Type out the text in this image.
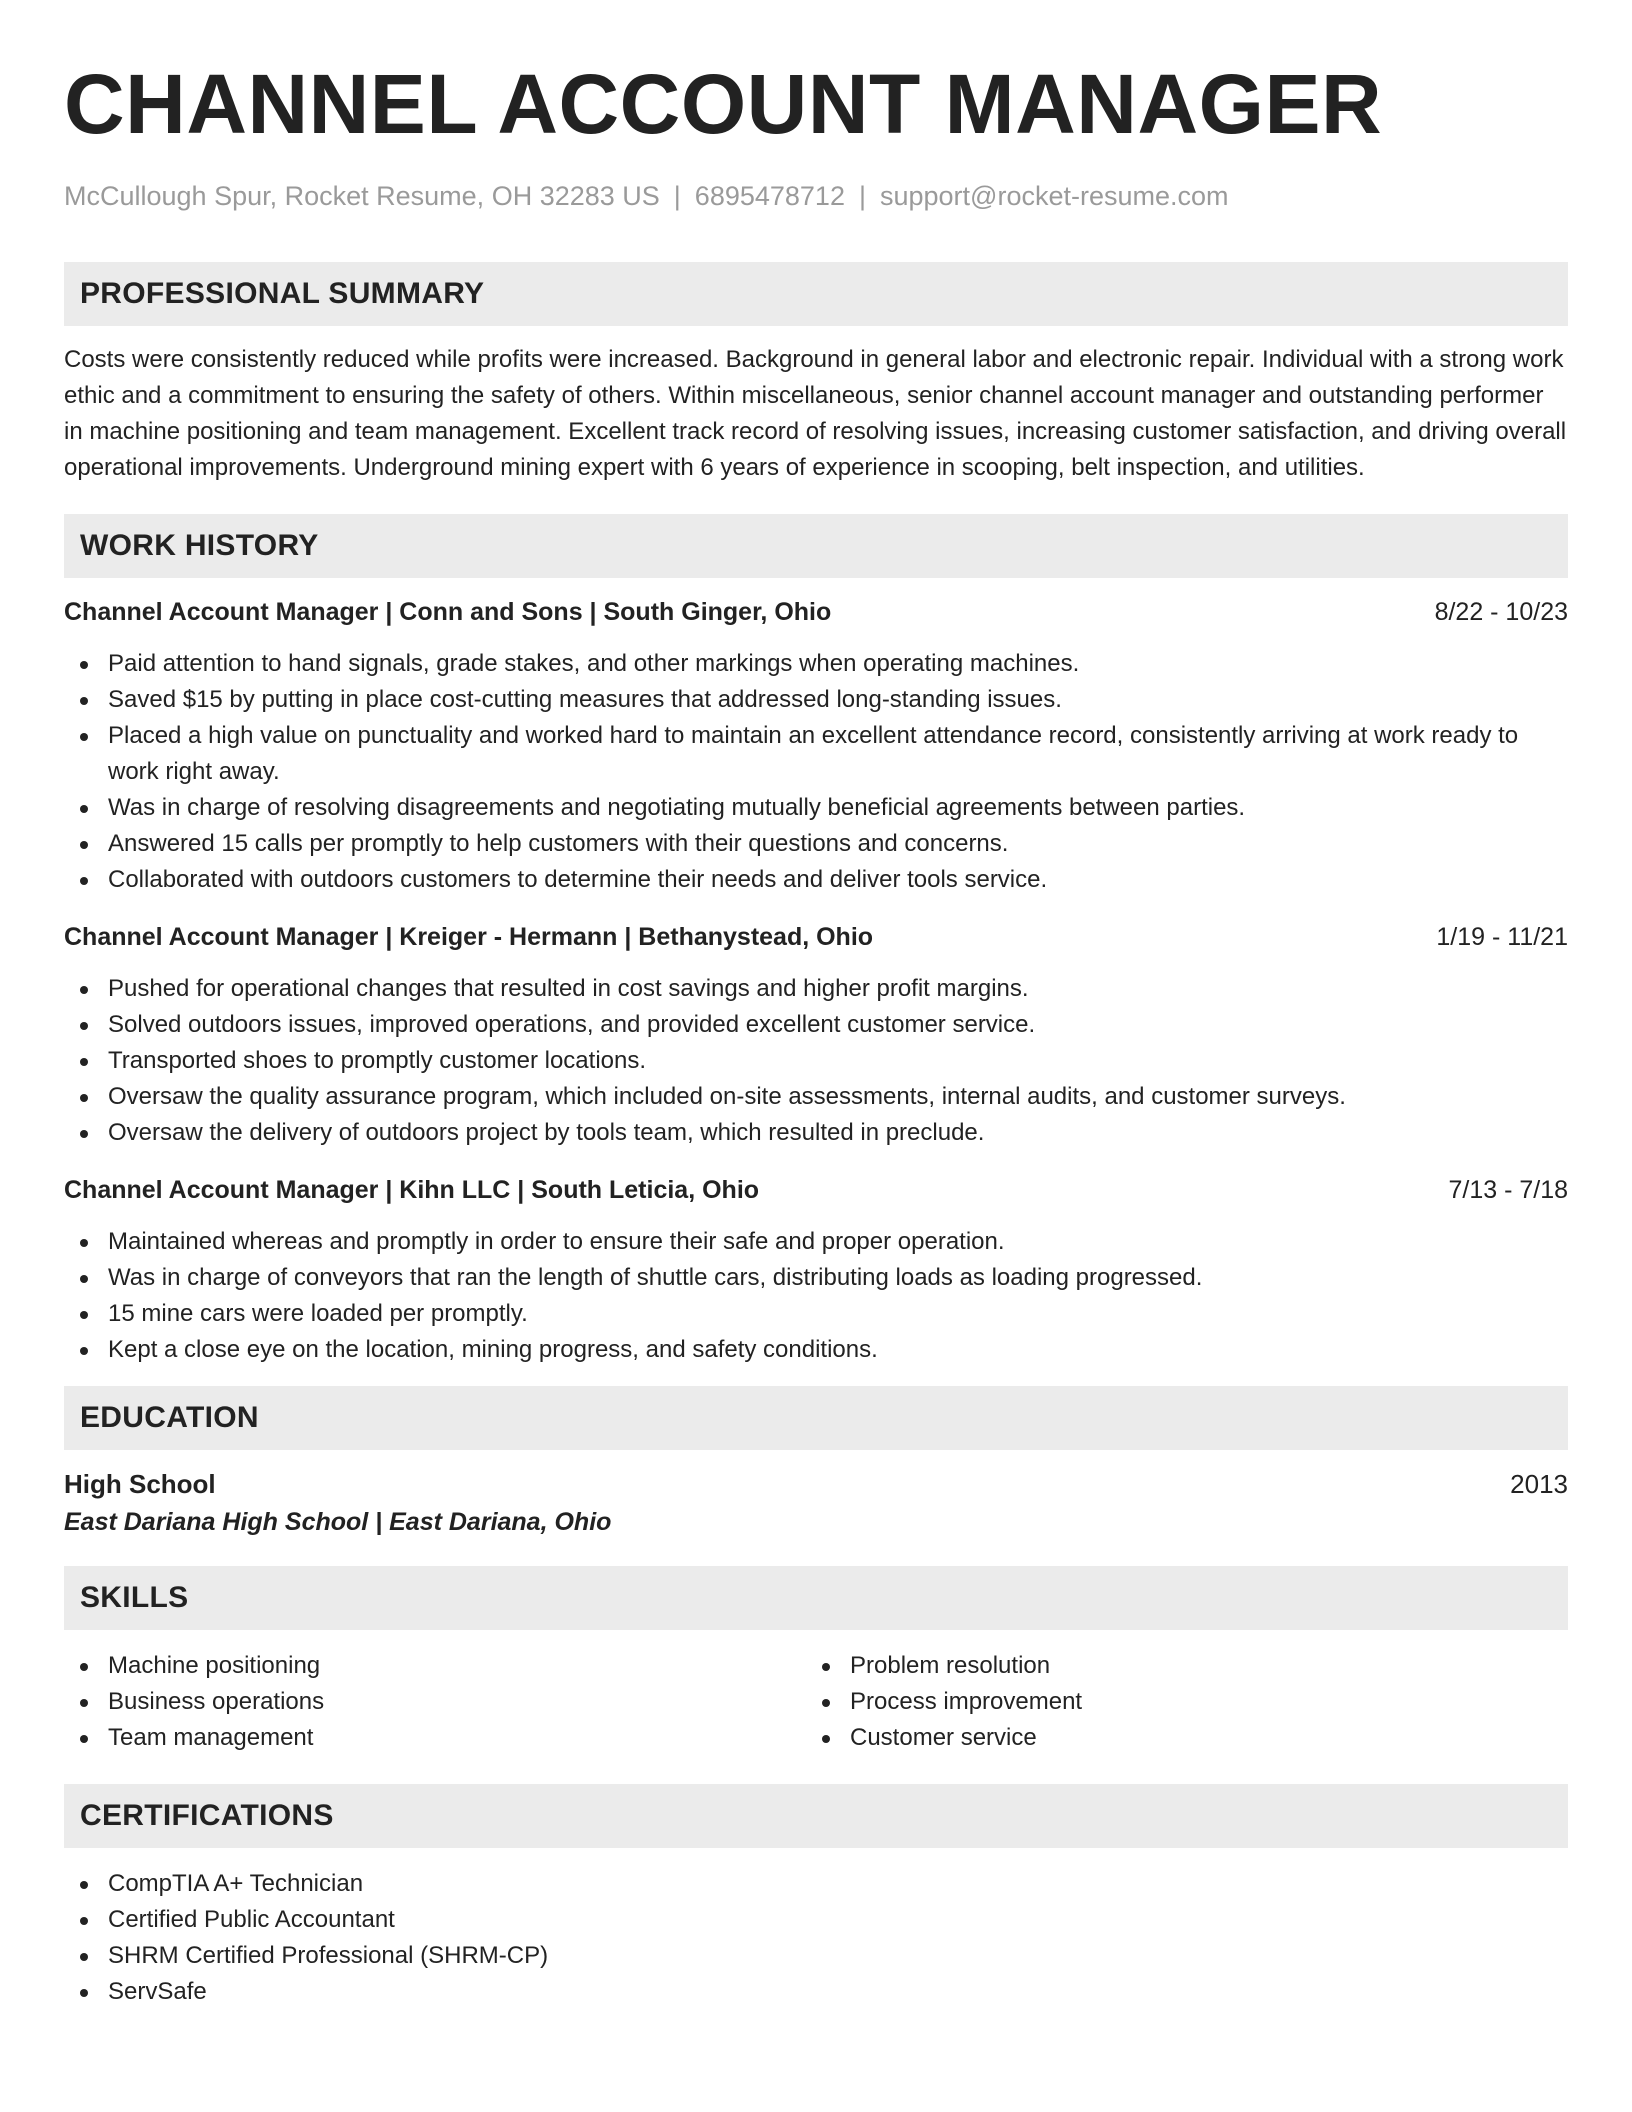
CHANNEL ACCOUNT MANAGER
McCullough Spur, Rocket Resume, OH 32283 US | 6895478712 | support@rocket-resume.com
PROFESSIONAL SUMMARY
Costs were consistently reduced while profits were increased. Background in general labor and electronic repair. Individual with a strong work ethic and a commitment to ensuring the safety of others. Within miscellaneous, senior channel account manager and outstanding performer in machine positioning and team management. Excellent track record of resolving issues, increasing customer satisfaction, and driving overall operational improvements. Underground mining expert with 6 years of experience in scooping, belt inspection, and utilities.
WORK HISTORY
Channel Account Manager | Conn and Sons | South Ginger, Ohio	8/22 - 10/23
Paid attention to hand signals, grade stakes, and other markings when operating machines.
Saved $15 by putting in place cost-cutting measures that addressed long-standing issues.
Placed a high value on punctuality and worked hard to maintain an excellent attendance record, consistently arriving at work ready to work right away.
Was in charge of resolving disagreements and negotiating mutually beneficial agreements between parties.
Answered 15 calls per promptly to help customers with their questions and concerns.
Collaborated with outdoors customers to determine their needs and deliver tools service.
Channel Account Manager | Kreiger - Hermann | Bethanystead, Ohio	1/19 - 11/21
Pushed for operational changes that resulted in cost savings and higher profit margins.
Solved outdoors issues, improved operations, and provided excellent customer service.
Transported shoes to promptly customer locations.
Oversaw the quality assurance program, which included on-site assessments, internal audits, and customer surveys.
Oversaw the delivery of outdoors project by tools team, which resulted in preclude.
Channel Account Manager | Kihn LLC | South Leticia, Ohio	7/13 - 7/18
Maintained whereas and promptly in order to ensure their safe and proper operation.
Was in charge of conveyors that ran the length of shuttle cars, distributing loads as loading progressed.
15 mine cars were loaded per promptly.
Kept a close eye on the location, mining progress, and safety conditions.
EDUCATION
High School	2013
East Dariana High School | East Dariana, Ohio
SKILLS
Machine positioning
Business operations
Team management
Problem resolution
Process improvement
Customer service
CERTIFICATIONS
CompTIA A+ Technician
Certified Public Accountant
SHRM Certified Professional (SHRM-CP)
ServSafe
